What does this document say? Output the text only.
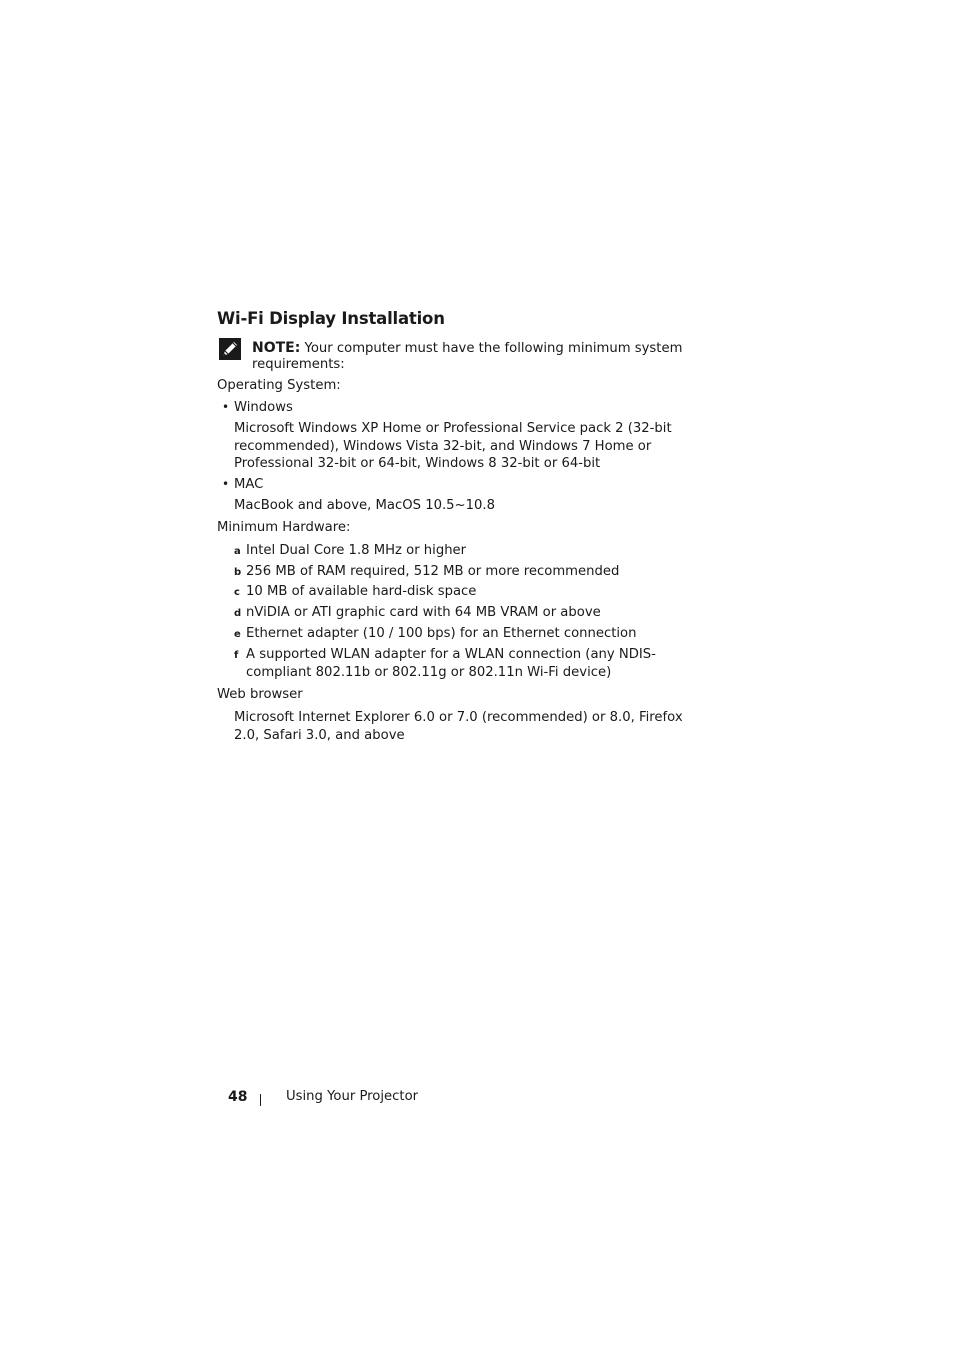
Wi-Fi Display Installation
NOTE: Your computer must have the following minimum system requirements:
Operating System:
• Windows
Microsoft Windows XP Home or Professional Service pack 2 (32-bit recommended), Windows Vista 32-bit, and Windows 7 Home or Professional 32-bit or 64-bit, Windows 8 32-bit or 64-bit
• MAC
MacBook and above, MacOS 10.5~10.8
Minimum Hardware:
a Intel Dual Core 1.8 MHz or higher
b 256 MB of RAM required, 512 MB or more recommended
c 10 MB of available hard-disk space
d nViDIA or ATI graphic card with 64 MB VRAM or above
e Ethernet adapter (10 / 100 bps) for an Ethernet connection
f A supported WLAN adapter for a WLAN connection (any NDIS-compliant 802.11b or 802.11g or 802.11n Wi-Fi device)
Web browser
Microsoft Internet Explorer 6.0 or 7.0 (recommended) or 8.0, Firefox 2.0, Safari 3.0, and above
48	Using Your Projector
